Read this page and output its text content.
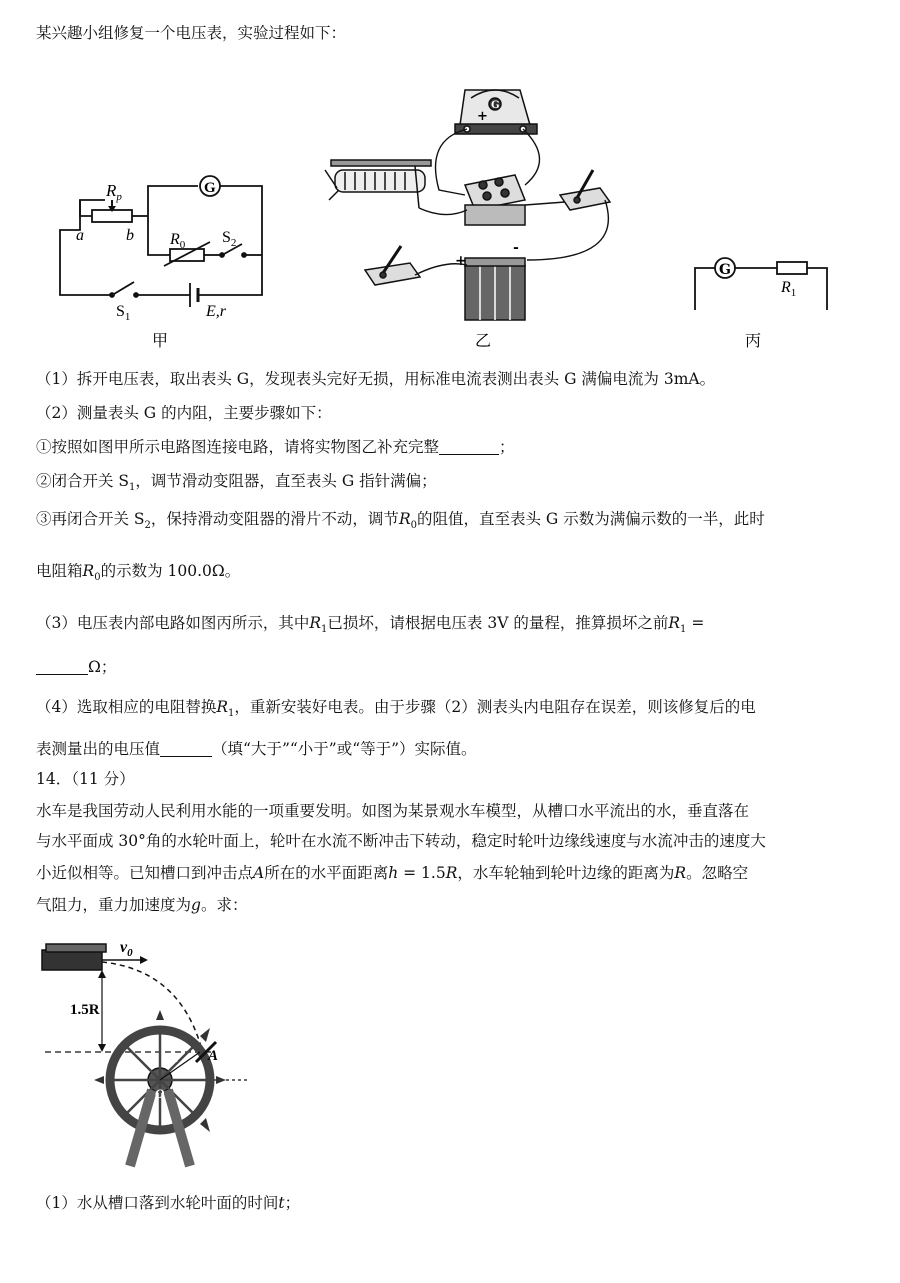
某兴趣小组修复一个电压表，实验过程如下：
$R_p$
a	b
G
$R_0$ $S_2$
$S_1$	E,r
甲
G
+
+
-
乙
G
$R_1$
丙
（1）拆开电压表，取出表头 G，发现表头完好无损，用标准电流表测出表头 G 满偏电流为 3mA。
（2）测量表头 G 的内阻，主要步骤如下：
①按照如图甲所示电路图连接电路，请将实物图乙补充完整	；
②闭合开关 $S_1$，调节滑动变阻器，直至表头 G 指针满偏；
③再闭合开关 $S_2$，保持滑动变阻器的滑片不动，调节$R_0$的阻值，直至表头 G 示数为满偏示数的一半，此时
电阻箱$R_0$的示数为 100.0Ω。
（3）电压表内部电路如图丙所示，其中$R_1$已损坏，请根据电压表 3V 的量程，推算损坏之前$R_1$ =
Ω；
（4）选取相应的电阻替换$R_1$，重新安装好电表。由于步骤（2）测表头内电阻存在误差，则该修复后的电
表测量出的电压值	（填“大于”“小于”或“等于”）实际值。
14．（11 分）
水车是我国劳动人民利用水能的一项重要发明。如图为某景观水车模型，从槽口水平流出的水，垂直落在
与水平面成 30°角的水轮叶面上，轮叶在水流不断冲击下转动，稳定时轮叶边缘线速度与水流冲击的速度大
小近似相等。已知槽口到冲击点A所在的水平面距离h = 1.5R，水车轮轴到轮叶边缘的距离为R。忽略空
气阻力，重力加速度为g。求：
$v_0$
1.5R
R A
O
30°
（1）水从槽口落到水轮叶面的时间t；
